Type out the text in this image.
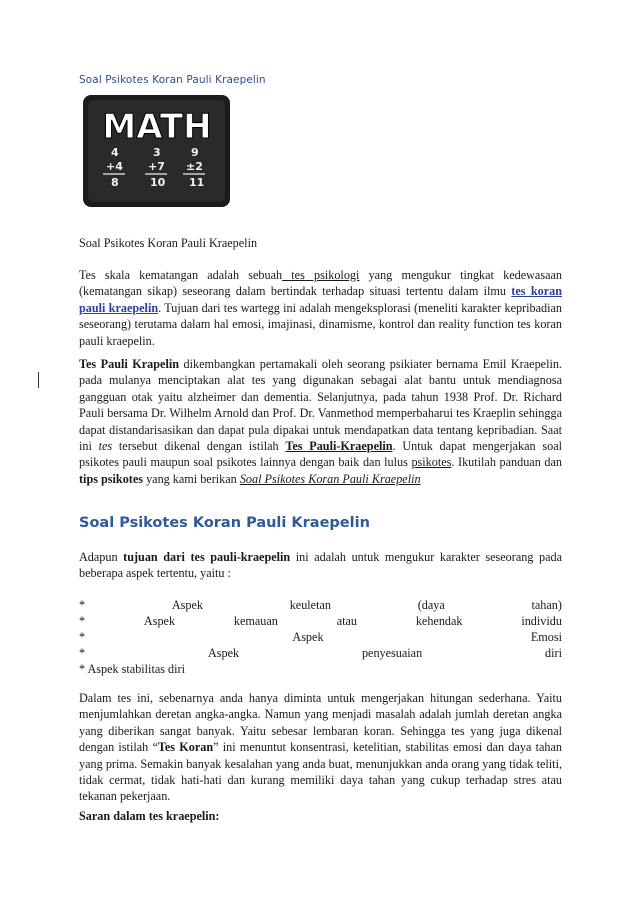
Soal Psikotes Koran Pauli Kraepelin
MATH
4
+4
8
3
+7
10
9
±2
11
Soal Psikotes Koran Pauli Kraepelin
Tes skala kematangan adalah sebuah tes psikologi yang mengukur tingkat kedewasaan (kematangan sikap) seseorang dalam bertindak terhadap situasi tertentu dalam ilmu tes koran pauli kraepelin. Tujuan dari tes wartegg ini adalah mengeksplorasi (meneliti karakter kepribadian seseorang) terutama dalam hal emosi, imajinasi, dinamisme, kontrol dan reality function tes koran pauli kraepelin.
Tes Pauli Krapelin dikembangkan pertamakali oleh seorang psikiater bernama Emil Kraepelin. pada mulanya menciptakan alat tes yang digunakan sebagai alat bantu untuk mendiagnosa gangguan otak yaitu alzheimer dan dementia. Selanjutnya, pada tahun 1938 Prof. Dr. Richard Pauli bersama Dr. Wilhelm Arnold dan Prof. Dr. Vanmethod memperbaharui tes Kraeplin sehingga dapat distandarisasikan dan dapat pula dipakai untuk mendapatkan data tentang kepribadian. Saat ini tes tersebut dikenal dengan istilah Tes Pauli-Kraepelin. Untuk dapat mengerjakan soal psikotes pauli maupun soal psikotes lainnya dengan baik dan lulus psikotes. Ikutilah panduan dan tips psikotes yang kami berikan Soal Psikotes Koran Pauli Kraepelin
Soal Psikotes Koran Pauli Kraepelin
Adapun tujuan dari tes pauli-kraepelin ini adalah untuk mengukur karakter seseorang pada beberapa aspek tertentu, yaitu :
*	Aspek	keuletan	(daya	tahan)
*	Aspek	kemauan	atau	kehendak	individu
*	Aspek	Emosi
*	Aspek	penyesuaian	diri
* Aspek stabilitas diri
Dalam tes ini, sebenarnya anda hanya diminta untuk mengerjakan hitungan sederhana. Yaitu menjumlahkan deretan angka-angka. Namun yang menjadi masalah adalah jumlah deretan angka yang diberikan sangat banyak. Yaitu sebesar lembaran koran. Sehingga tes yang juga dikenal dengan istilah “Tes Koran” ini menuntut konsentrasi, ketelitian, stabilitas emosi dan daya tahan yang prima. Semakin banyak kesalahan yang anda buat, menunjukkan anda orang yang tidak teliti, tidak cermat, tidak hati-hati dan kurang memiliki daya tahan yang cukup terhadap stres atau tekanan pekerjaan.
Saran dalam tes kraepelin:
